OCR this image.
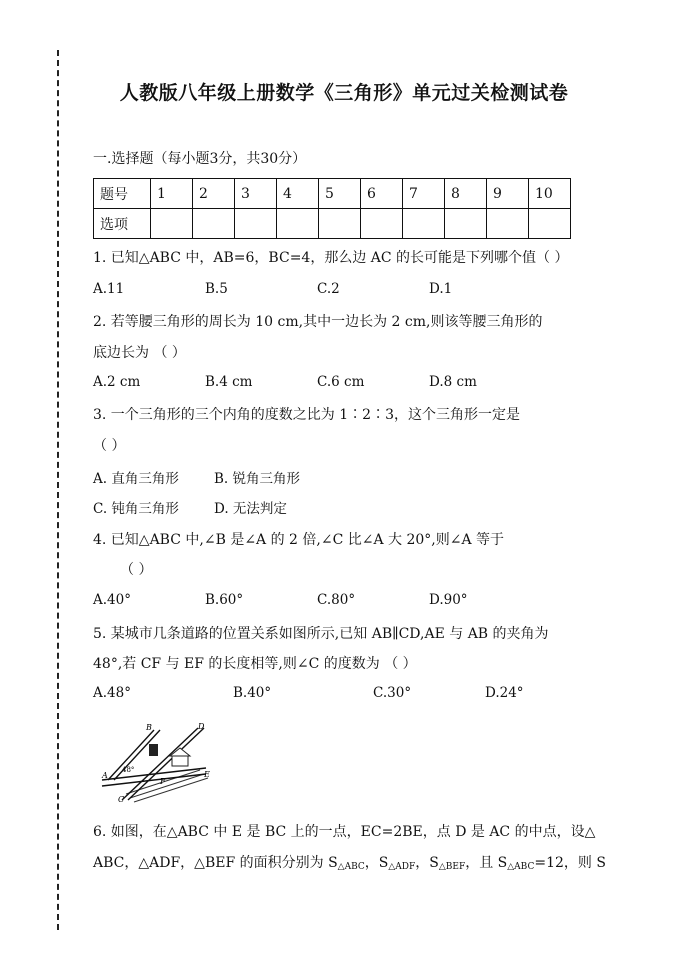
人教版八年级上册数学《三角形》单元过关检测试卷
一.选择题（每小题3分，共30分）
题号	1	2	3	4	5	6	7	8	9	10
选项										
1. 已知△ABC 中，AB=6，BC=4，那么边 AC 的长可能是下列哪个值（ ）
A.11	B.5	C.2	D.1
2. 若等腰三角形的周长为 10 cm,其中一边长为 2 cm,则该等腰三角形的
底边长为 （ ）
A.2 cm	B.4 cm	C.6 cm	D.8 cm
3. 一个三角形的三个内角的度数之比为 1∶2∶3，这个三角形一定是
（ ）
A. 直角三角形	B. 锐角三角形
C. 钝角三角形	D. 无法判定
4. 已知△ABC 中,∠B 是∠A 的 2 倍,∠C 比∠A 大 20°,则∠A 等于
（ ）
A.40°	B.60°	C.80°	D.90°
5. 某城市几条道路的位置关系如图所示,已知 AB∥CD,AE 与 AB 的夹角为
48°,若 CF 与 EF 的长度相等,则∠C 的度数为 （ ）
A.48°	B.40°	C.30°	D.24°
B	D
A
48°
F
E
C
6. 如图，在△ABC 中 E 是 BC 上的一点，EC=2BE，点 D 是 AC 的中点，设△
ABC，△ADF，△BEF 的面积分别为 $S_{\triangle ABC}$，$S_{\triangle ADF}$，$S_{\triangle BEF}$，且 $S_{\triangle ABC}=12$，则 S
